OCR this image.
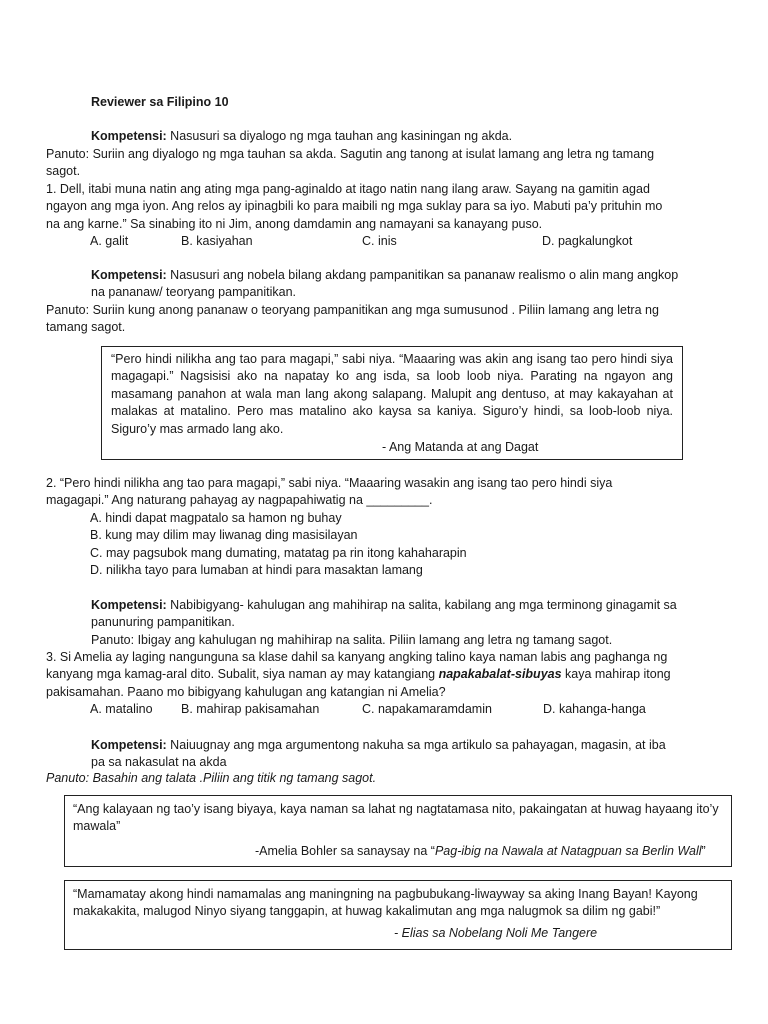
Reviewer sa Filipino 10

Kompetensi: Nasusuri sa diyalogo ng mga tauhan ang kasiningan ng akda.

Panuto: Suriin ang diyalogo ng mga tauhan sa akda. Sagutin ang tanong at isulat lamang ang letra ng tamang sagot.

1. Dell, itabi muna natin ang ating mga pang-aginaldo at itago natin nang ilang araw. Sayang na gamitin agad ngayon ang mga iyon. Ang relos ay ipinagbili ko para maibili ng mga suklay para sa iyo. Mabuti pa’y prituhin mo na ang karne.” Sa sinabing ito ni Jim, anong damdamin ang namayani sa kanayang puso.

A. galit	B. kasiyahan	C. inis	D. pagkalungkot

Kompetensi: Nasusuri ang nobela bilang akdang pampanitikan sa pananaw realismo o alin mang angkop na pananaw/ teoryang pampanitikan.

Panuto: Suriin kung anong pananaw o teoryang pampanitikan ang mga sumusunod . Piliin lamang ang letra ng tamang sagot.

“Pero hindi nilikha ang tao para magapi,” sabi niya. “Maaaring was akin ang isang tao pero hindi siya magagapi.” Nagsisisi ako na napatay ko ang isda, sa loob loob niya. Parating na ngayon ang masamang panahon at wala man lang akong salapang. Malupit ang dentuso, at may kakayahan at malakas at matalino. Pero mas matalino ako kaysa sa kaniya. Siguro’y hindi, sa loob-loob niya. Siguro’y mas armado lang ako.

- Ang Matanda at ang Dagat

2. “Pero hindi nilikha ang tao para magapi,” sabi niya. “Maaaring wasakin ang isang tao pero hindi siya magagapi.” Ang naturang pahayag ay nagpapahiwatig na _________.

A. hindi dapat magpatalo sa hamon ng buhay
B. kung may dilim may liwanag ding masisilayan
C. may pagsubok mang dumating, matatag pa rin itong kahaharapin
D. nilikha tayo para lumaban at hindi para masaktan lamang

Kompetensi: Nabibigyang- kahulugan ang mahihirap na salita, kabilang ang mga terminong ginagamit sa panunuring pampanitikan.

Panuto: Ibigay ang kahulugan ng mahihirap na salita. Piliin lamang ang letra ng tamang sagot.

3. Si Amelia ay laging nangunguna sa klase dahil sa kanyang angking talino kaya naman labis ang paghanga ng kanyang mga kamag-aral dito. Subalit, siya naman ay may katangiang napakabalat-sibuyas kaya mahirap itong pakisamahan. Paano mo bibigyang kahulugan ang katangian ni Amelia?

A. matalino	B. mahirap pakisamahan	C. napakamaramdamin	D. kahanga-hanga

Kompetensi: Naiuugnay ang mga argumentong nakuha sa mga artikulo sa pahayagan, magasin, at iba pa sa nakasulat na akda

Panuto: Basahin ang talata .Piliin ang titik ng tamang sagot.

“Ang kalayaan ng tao’y isang biyaya, kaya naman sa lahat ng nagtatamasa nito, pakaingatan at huwag hayaang ito’y mawala”

-Amelia Bohler sa sanaysay na “Pag-ibig na Nawala at Natagpuan sa Berlin Wall”

“Mamamatay akong hindi namamalas ang maningning na pagbubukang-liwayway sa aking Inang Bayan! Kayong makakakita, malugod Ninyo siyang tanggapin, at huwag kakalimutan ang mga nalugmok sa dilim ng gabi!”

- Elias sa Nobelang Noli Me Tangere
